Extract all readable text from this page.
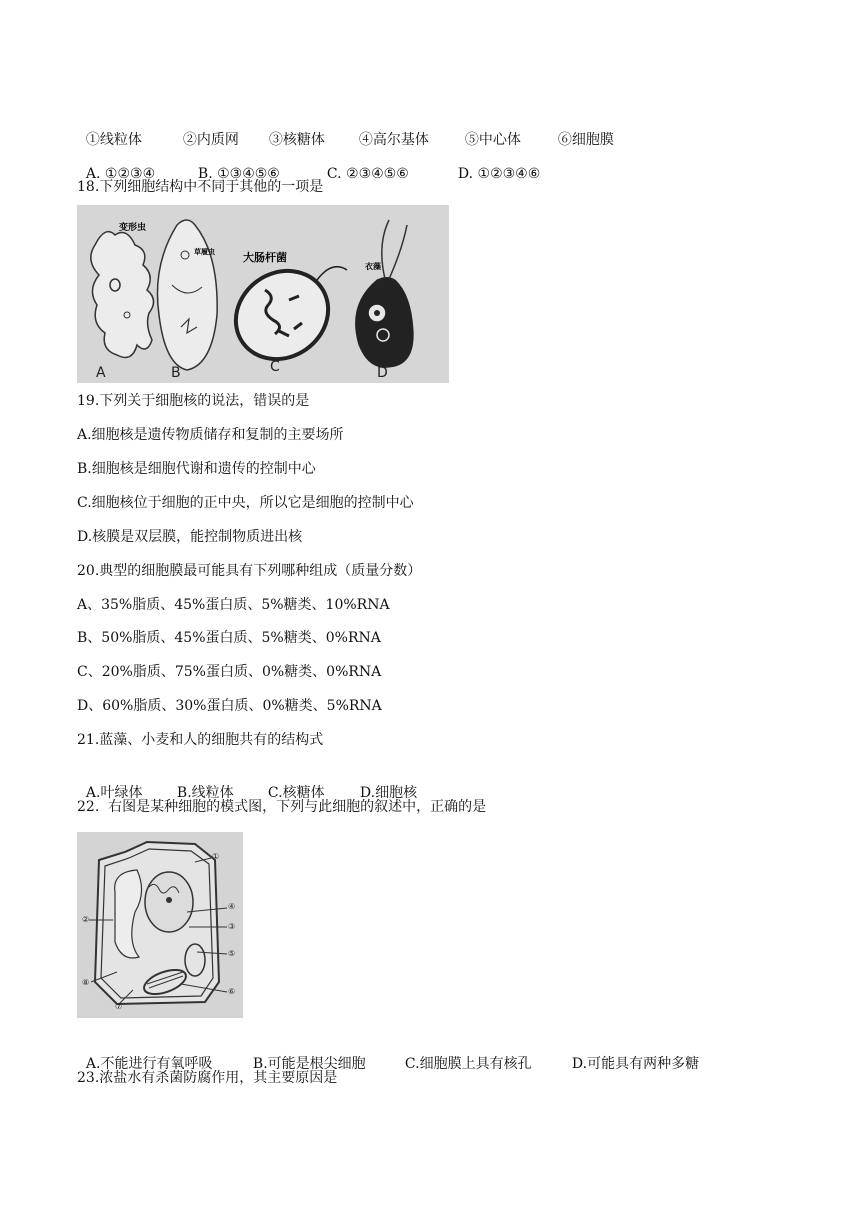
①线粒体	②内质网 ③核糖体 ④高尔基体	⑤中心体	⑥细胞膜

A. ①②③④	B. ①③④⑤⑥	C. ②③④⑤⑥	D. ①②③④⑥

18.下列细胞结构中不同于其他的一项是
变形虫
草履虫	大肠杆菌
衣藻
A	B	C	D
19.下列关于细胞核的说法，错误的是
A.细胞核是遗传物质储存和复制的主要场所
B.细胞核是细胞代谢和遗传的控制中心
C.细胞核位于细胞的正中央，所以它是细胞的控制中心
D.核膜是双层膜，能控制物质进出核
20.典型的细胞膜最可能具有下列哪种组成（质量分数）
A、35%脂质、45%蛋白质、5%糖类、10%RNA
B、50%脂质、45%蛋白质、5%糖类、0%RNA
C、20%脂质、75%蛋白质、0%糖类、0%RNA
D、60%脂质、30%蛋白质、0%糖类、5%RNA
21.蓝藻、小麦和人的细胞共有的结构式

A.叶绿体 B.线粒体 C.核糖体	D.细胞核

22.  右图是某种细胞的模式图，下列与此细胞的叙述中，正确的是
①
②
③
④
⑤
⑥
⑦
⑧

A.不能进行有氧呼吸	B.可能是根尖细胞	C.细胞膜上具有核孔	D.可能具有两种多糖

23.浓盐水有杀菌防腐作用，其主要原因是
